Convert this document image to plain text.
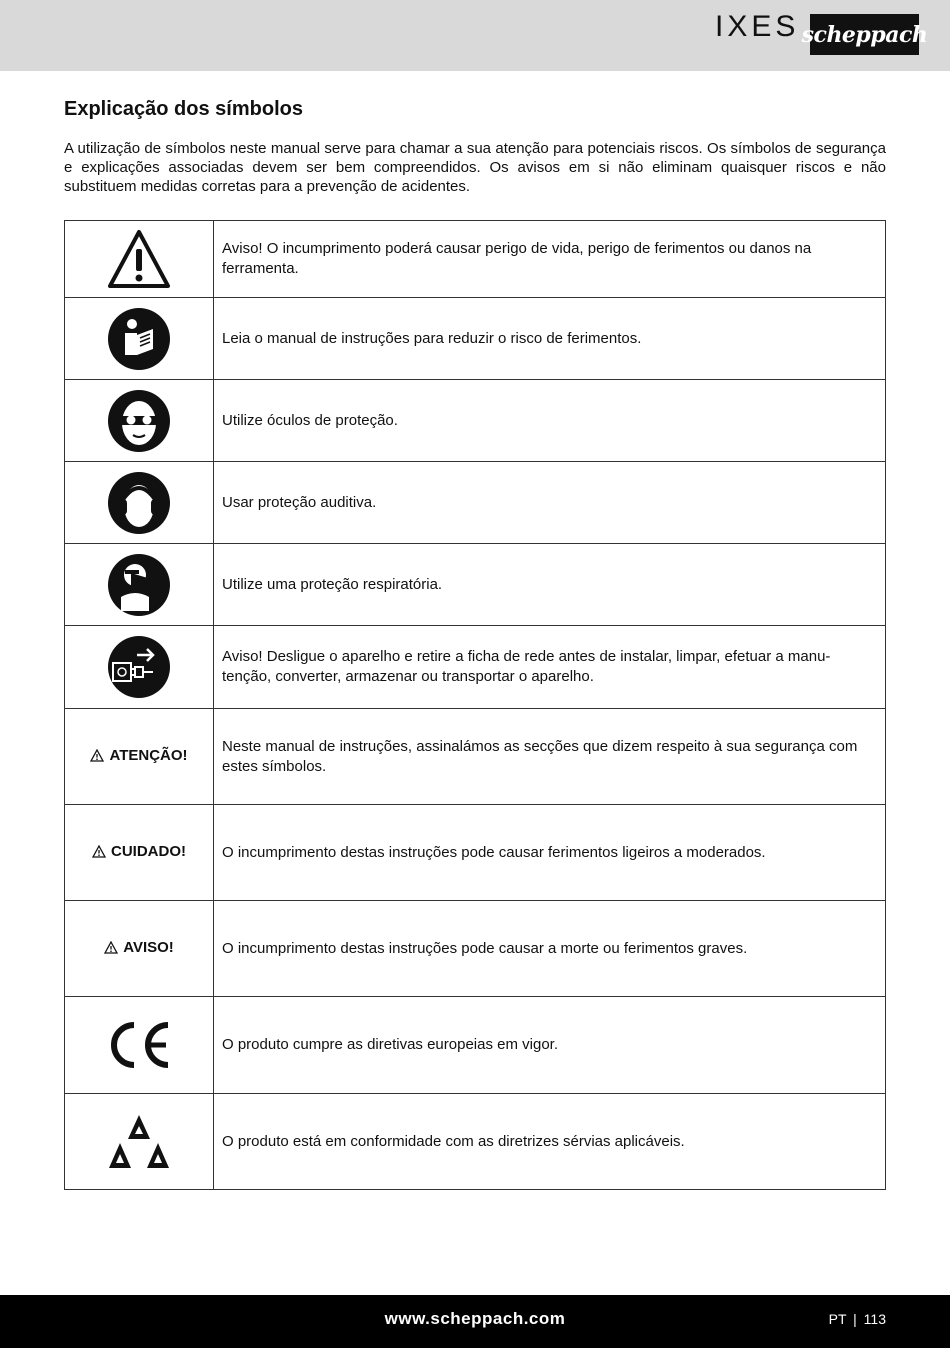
IXES scheppach
Explicação dos símbolos

A utilização de símbolos neste manual serve para chamar a sua atenção para potenciais riscos. Os símbolos de segurança e explicações associadas devem ser bem compreendidos. Os avisos em si não eliminam quaisquer riscos e não substituem medidas corretas para a prevenção de acidentes.

	Aviso! O incumprimento poderá causar perigo de vida, perigo de ferimentos ou danos na ferramenta.
	Leia o manual de instruções para reduzir o risco de ferimentos.
	Utilize óculos de proteção.
	Usar proteção auditiva.
	Utilize uma proteção respiratória.
	Aviso! Desligue o aparelho e retire a ficha de rede antes de instalar, limpar, efetuar a manu-tenção, converter, armazenar ou transportar o aparelho.

ATENÇÃO!	Neste manual de instruções, assinalámos as secções que dizem respeito à sua segurança com estes símbolos.

CUIDADO!	O incumprimento destas instruções pode causar ferimentos ligeiros a moderados.

AVISO!	O incumprimento destas instruções pode causar a morte ou ferimentos graves.
	O produto cumpre as diretivas europeias em vigor.
	O produto está em conformidade com as diretrizes sérvias aplicáveis.
www.scheppach.com	PT | 113
